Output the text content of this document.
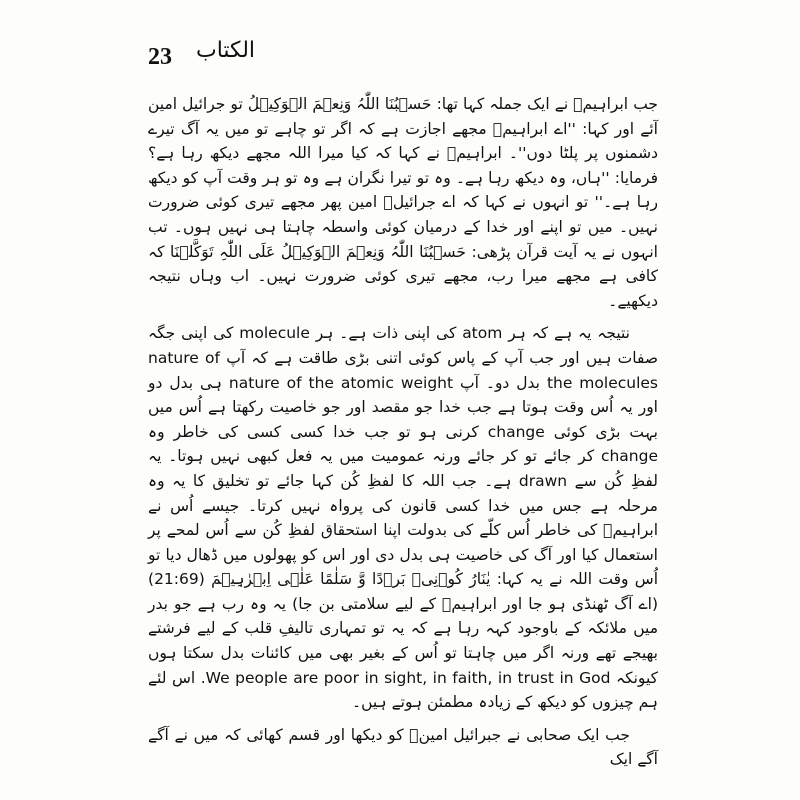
23 الکتاب

جب ابراہیمؑ نے ایک جملہ کہا تھا: حَسۡبُنَا اللّٰہُ وَنِعۡمَ الۡوَکِیۡلُ تو جرائیل امین آئے اور کہا: ''اے ابراہیمؑ مجھے اجازت ہے کہ اگر تو چاہے تو میں یہ آگ تیرے دشمنوں پر پلٹا دوں''۔ ابراہیمؑ نے کہا کہ کیا میرا اللہ مجھے دیکھ رہا ہے؟ فرمایا: ''ہاں، وہ دیکھ رہا ہے۔ وہ تو تیرا نگران ہے وہ تو ہر وقت آپ کو دیکھ رہا ہے۔'' تو انہوں نے کہا کہ اے جرائیلؑ امین پھر مجھے تیری کوئی ضرورت نہیں۔ میں تو اپنے اور خدا کے درمیان کوئی واسطہ چاہتا ہی نہیں ہوں۔ تب انہوں نے یہ آیت قرآن پڑھی: حَسۡبُنَا اللّٰہُ وَنِعۡمَ الۡوَکِیۡلُ عَلَی اللّٰہِ تَوَکَّلۡنَا کہ کافی ہے مجھے میرا رب، مجھے تیری کوئی ضرورت نہیں۔ اب وہاں نتیجہ دیکھیے۔

نتیجہ یہ ہے کہ ہر atom کی اپنی ذات ہے۔ ہر molecule کی اپنی جگہ صفات ہیں اور جب آپ کے پاس کوئی اتنی بڑی طاقت ہے کہ آپ nature of the molecules بدل دو۔ آپ nature of the atomic weight ہی بدل دو اور یہ اُس وقت ہوتا ہے جب خدا جو مقصد اور جو خاصیت رکھتا ہے اُس میں بہت بڑی کوئی change کرنی ہو تو جب خدا کسی کسی کی خاطر وہ change کر جائے تو کر جائے ورنہ عمومیت میں یہ فعل کبھی نہیں ہوتا۔ یہ لفظِ کُن سے drawn ہے۔ جب اللہ کا لفظِ کُن کہا جائے تو تخلیق کا یہ وہ مرحلہ ہے جس میں خدا کسی قانون کی پرواہ نہیں کرتا۔ جیسے اُس نے ابراہیمؑ کی خاطر اُس کلّے کی بدولت اپنا استحقاق لفظِ کُن سے اُس لمحے پر استعمال کیا اور آگ کی خاصیت ہی بدل دی اور اس کو پھولوں میں ڈھال دیا تو اُس وقت اللہ نے یہ کہا: یٰنَارُ کُوۡنِیۡ بَرۡدًا وَّ سَلٰمًا عَلٰۤی اِبۡرٰہِیۡمَ (21:69) (اے آگ ٹھنڈی ہو جا اور ابراہیمؑ کے لیے سلامتی بن جا) یہ وہ رب ہے جو بدر میں ملائکہ کے باوجود کہہ رہا ہے کہ یہ تو تمہاری تالیفِ قلب کے لیے فرشتے بھیجے تھے ورنہ اگر میں چاہتا تو اُس کے بغیر بھی میں کائنات بدل سکتا ہوں کیونکہ We people are poor in sight, in faith, in trust in God. اس لئے ہم چیزوں کو دیکھ کے زیادہ مطمئن ہوتے ہیں۔

جب ایک صحابی نے جبرائیل امینؑ کو دیکھا اور قسم کھائی کہ میں نے آگے آگے ایک
